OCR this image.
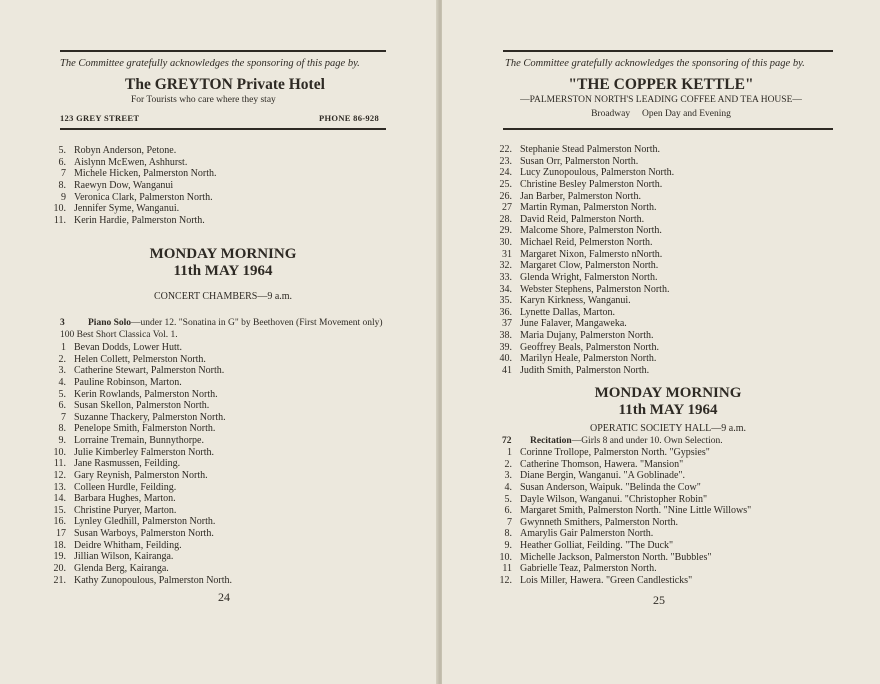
The Committee gratefully acknowledges the sponsoring of this page by.
The GREYTON Private Hotel
For Tourists who care where they stay
123 GREY STREET	PHONE 86-928
5. Robyn Anderson, Petone.
6. Aislynn McEwen, Ashhurst.
7 Michele Hicken, Palmerston North.
8. Raewyn Dow, Wanganui
9 Veronica Clark, Palmerston North.
10. Jennifer Syme, Wanganui.
11. Kerin Hardie, Palmerston North.
MONDAY MORNING
11th MAY 1964
CONCERT CHAMBERS—9 a.m.
3 Piano Solo—under 12. "Sonatina in G" by Beethoven (First Movement only) 100 Best Short Classica Vol. 1.
1 Bevan Dodds, Lower Hutt.
2. Helen Collett, Pelmerston North.
3. Catherine Stewart, Palmerston North.
4. Pauline Robinson, Marton.
5. Kerin Rowlands, Palmerston North.
6. Susan Skellon, Palmerston North.
7 Suzanne Thackery, Palmerston North.
8. Penelope Smith, Falmerston North.
9. Lorraine Tremain, Bunnythorpe.
10. Julie Kimberley Falmerston North.
11. Jane Rasmussen, Feilding.
12. Gary Reynish, Palmerston North.
13. Colleen Hurdle, Feilding.
14. Barbara Hughes, Marton.
15. Christine Puryer, Marton.
16. Lynley Gledhill, Palmerston North.
17 Susan Warboys, Palmerston North.
18. Deidre Whitham, Feilding.
19. Jillian Wilson, Kairanga.
20. Glenda Berg, Kairanga.
21. Kathy Zunopoulous, Palmerston North.
24
The Committee gratefully acknowledges the sponsoring of this page by.
"THE COPPER KETTLE"
—PALMERSTON NORTH'S LEADING COFFEE AND TEA HOUSE—
Broadway     Open Day and Evening
22. Stephanie Stead Palmerston North.
23. Susan Orr, Palmerston North.
24. Lucy Zunopoulous, Palmerston North.
25. Christine Besley Palmerston North.
26. Jan Barber, Palmerston North.
27 Martin Ryman, Palmerston North.
28. David Reid, Palmerston North.
29. Malcome Shore, Palmerston North.
30. Michael Reid, Pelmerston North.
31 Margaret Nixon, Falmersto nNorth.
32. Margaret Clow, Palmerston North.
33. Glenda Wright, Falmerston North.
34. Webster Stephens, Palmerston North.
35. Karyn Kirkness, Wanganui.
36. Lynette Dallas, Marton.
37 June Falaver, Mangaweka.
38. Maria Dujany, Palmerston North.
39. Geoffrey Beals, Palmerston North.
40. Marilyn Heale, Palmerston North.
41 Judith Smith, Palmerston North.
MONDAY MORNING
11th MAY 1964
OPERATIC SOCIETY HALL—9 a.m.
72 Recitation—Girls 8 and under 10. Own Selection.
1 Corinne Trollope, Palmerston North. "Gypsies"
2. Catherine Thomson, Hawera. "Mansion"
3. Diane Bergin, Wanganui. "A Goblinade".
4. Susan Anderson, Waipuk. "Belinda the Cow"
5. Dayle Wilson, Wanganui. "Christopher Robin"
6. Margaret Smith, Palmerston North. "Nine Little Willows"
7 Gwynneth Smithers, Palmerston North.
8. Amarylis Gair Palmerston North.
9. Heather Golliat, Feilding. "The Duck"
10. Michelle Jackson, Palmerston North. "Bubbles"
11 Gabrielle Teaz, Palmerston North.
12. Lois Miller, Hawera. "Green Candlesticks"
25
